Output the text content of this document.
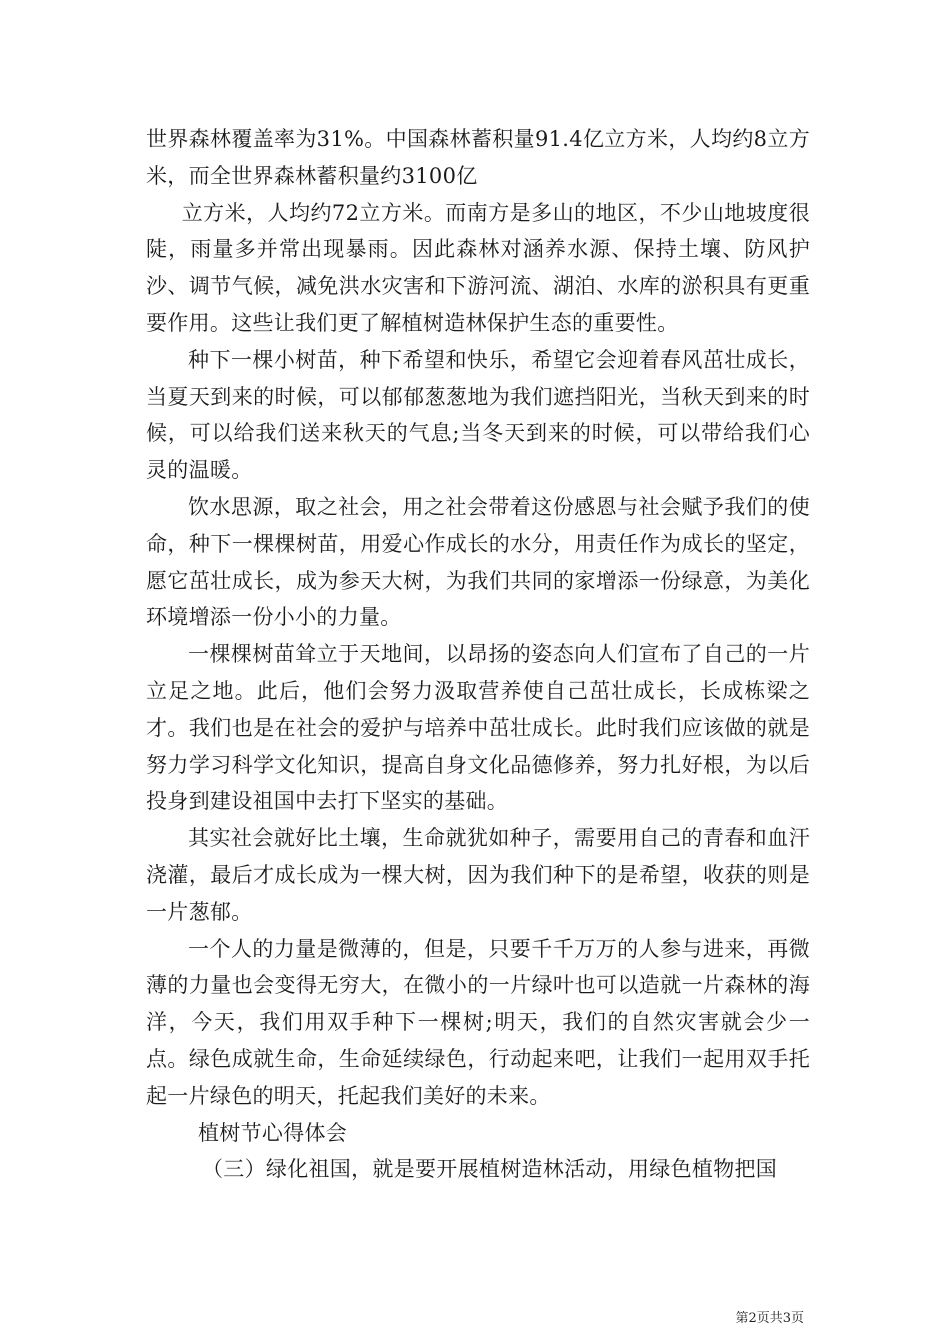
世界森林覆盖率为31%。中国森林蓄积量91.4亿立方米，人均约8立方米，而全世界森林蓄积量约3100亿

立方米，人均约72立方米。而南方是多山的地区，不少山地坡度很陡，雨量多并常出现暴雨。因此森林对涵养水源、保持土壤、防风护沙、调节气候，减免洪水灾害和下游河流、湖泊、水库的淤积具有更重要作用。这些让我们更了解植树造林保护生态的重要性。

种下一棵小树苗，种下希望和快乐，希望它会迎着春风茁壮成长，当夏天到来的时候，可以郁郁葱葱地为我们遮挡阳光，当秋天到来的时候，可以给我们送来秋天的气息;当冬天到来的时候，可以带给我们心灵的温暖。

饮水思源，取之社会，用之社会带着这份感恩与社会赋予我们的使命，种下一棵棵树苗，用爱心作成长的水分，用责任作为成长的坚定，愿它茁壮成长，成为参天大树，为我们共同的家增添一份绿意，为美化环境增添一份小小的力量。

一棵棵树苗耸立于天地间，以昂扬的姿态向人们宣布了自己的一片立足之地。此后，他们会努力汲取营养使自己茁壮成长，长成栋梁之才。我们也是在社会的爱护与培养中茁壮成长。此时我们应该做的就是努力学习科学文化知识，提高自身文化品德修养，努力扎好根，为以后投身到建设祖国中去打下坚实的基础。

其实社会就好比土壤，生命就犹如种子，需要用自己的青春和血汗浇灌，最后才成长成为一棵大树，因为我们种下的是希望，收获的则是一片葱郁。

一个人的力量是微薄的，但是，只要千千万万的人参与进来，再微薄的力量也会变得无穷大，在微小的一片绿叶也可以造就一片森林的海洋，今天，我们用双手种下一棵树;明天，我们的自然灾害就会少一点。绿色成就生命，生命延续绿色，行动起来吧，让我们一起用双手托起一片绿色的明天，托起我们美好的未来。

植树节心得体会

（三）绿化祖国，就是要开展植树造林活动，用绿色植物把国

第2页共3页
